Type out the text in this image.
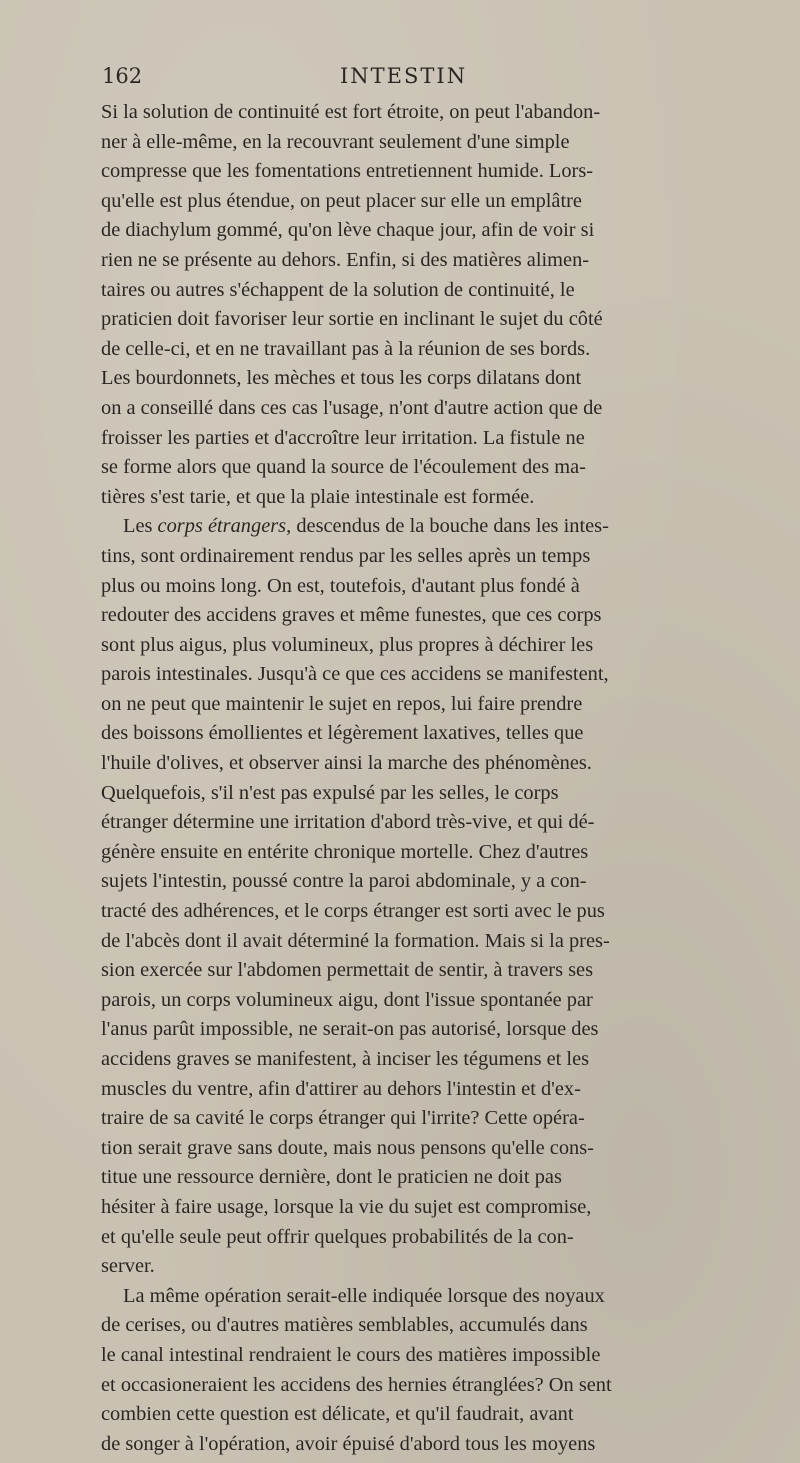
162	INTESTIN
Si la solution de continuité est fort étroite, on peut l'abandon-
ner à elle-même, en la recouvrant seulement d'une simple
compresse que les fomentations entretiennent humide. Lors-
qu'elle est plus étendue, on peut placer sur elle un emplâtre
de diachylum gommé, qu'on lève chaque jour, afin de voir si
rien ne se présente au dehors. Enfin, si des matières alimen-
taires ou autres s'échappent de la solution de continuité, le
praticien doit favoriser leur sortie en inclinant le sujet du côté
de celle-ci, et en ne travaillant pas à la réunion de ses bords.
Les bourdonnets, les mèches et tous les corps dilatans dont
on a conseillé dans ces cas l'usage, n'ont d'autre action que de
froisser les parties et d'accroître leur irritation. La fistule ne
se forme alors que quand la source de l'écoulement des ma-
tières s'est tarie, et que la plaie intestinale est formée.
Les corps étrangers, descendus de la bouche dans les intes-
tins, sont ordinairement rendus par les selles après un temps
plus ou moins long. On est, toutefois, d'autant plus fondé à
redouter des accidens graves et même funestes, que ces corps
sont plus aigus, plus volumineux, plus propres à déchirer les
parois intestinales. Jusqu'à ce que ces accidens se manifestent,
on ne peut que maintenir le sujet en repos, lui faire prendre
des boissons émollientes et légèrement laxatives, telles que
l'huile d'olives, et observer ainsi la marche des phénomènes.
Quelquefois, s'il n'est pas expulsé par les selles, le corps
étranger détermine une irritation d'abord très-vive, et qui dé-
génère ensuite en entérite chronique mortelle. Chez d'autres
sujets l'intestin, poussé contre la paroi abdominale, y a con-
tracté des adhérences, et le corps étranger est sorti avec le pus
de l'abcès dont il avait déterminé la formation. Mais si la pres-
sion exercée sur l'abdomen permettait de sentir, à travers ses
parois, un corps volumineux aigu, dont l'issue spontanée par
l'anus parût impossible, ne serait-on pas autorisé, lorsque des
accidens graves se manifestent, à inciser les tégumens et les
muscles du ventre, afin d'attirer au dehors l'intestin et d'ex-
traire de sa cavité le corps étranger qui l'irrite? Cette opéra-
tion serait grave sans doute, mais nous pensons qu'elle cons-
titue une ressource dernière, dont le praticien ne doit pas
hésiter à faire usage, lorsque la vie du sujet est compromise,
et qu'elle seule peut offrir quelques probabilités de la con-
server.
La même opération serait-elle indiquée lorsque des noyaux
de cerises, ou d'autres matières semblables, accumulés dans
le canal intestinal rendraient le cours des matières impossible
et occasioneraient les accidens des hernies étranglées? On sent
combien cette question est délicate, et qu'il faudrait, avant
de songer à l'opération, avoir épuisé d'abord tous les moyens
